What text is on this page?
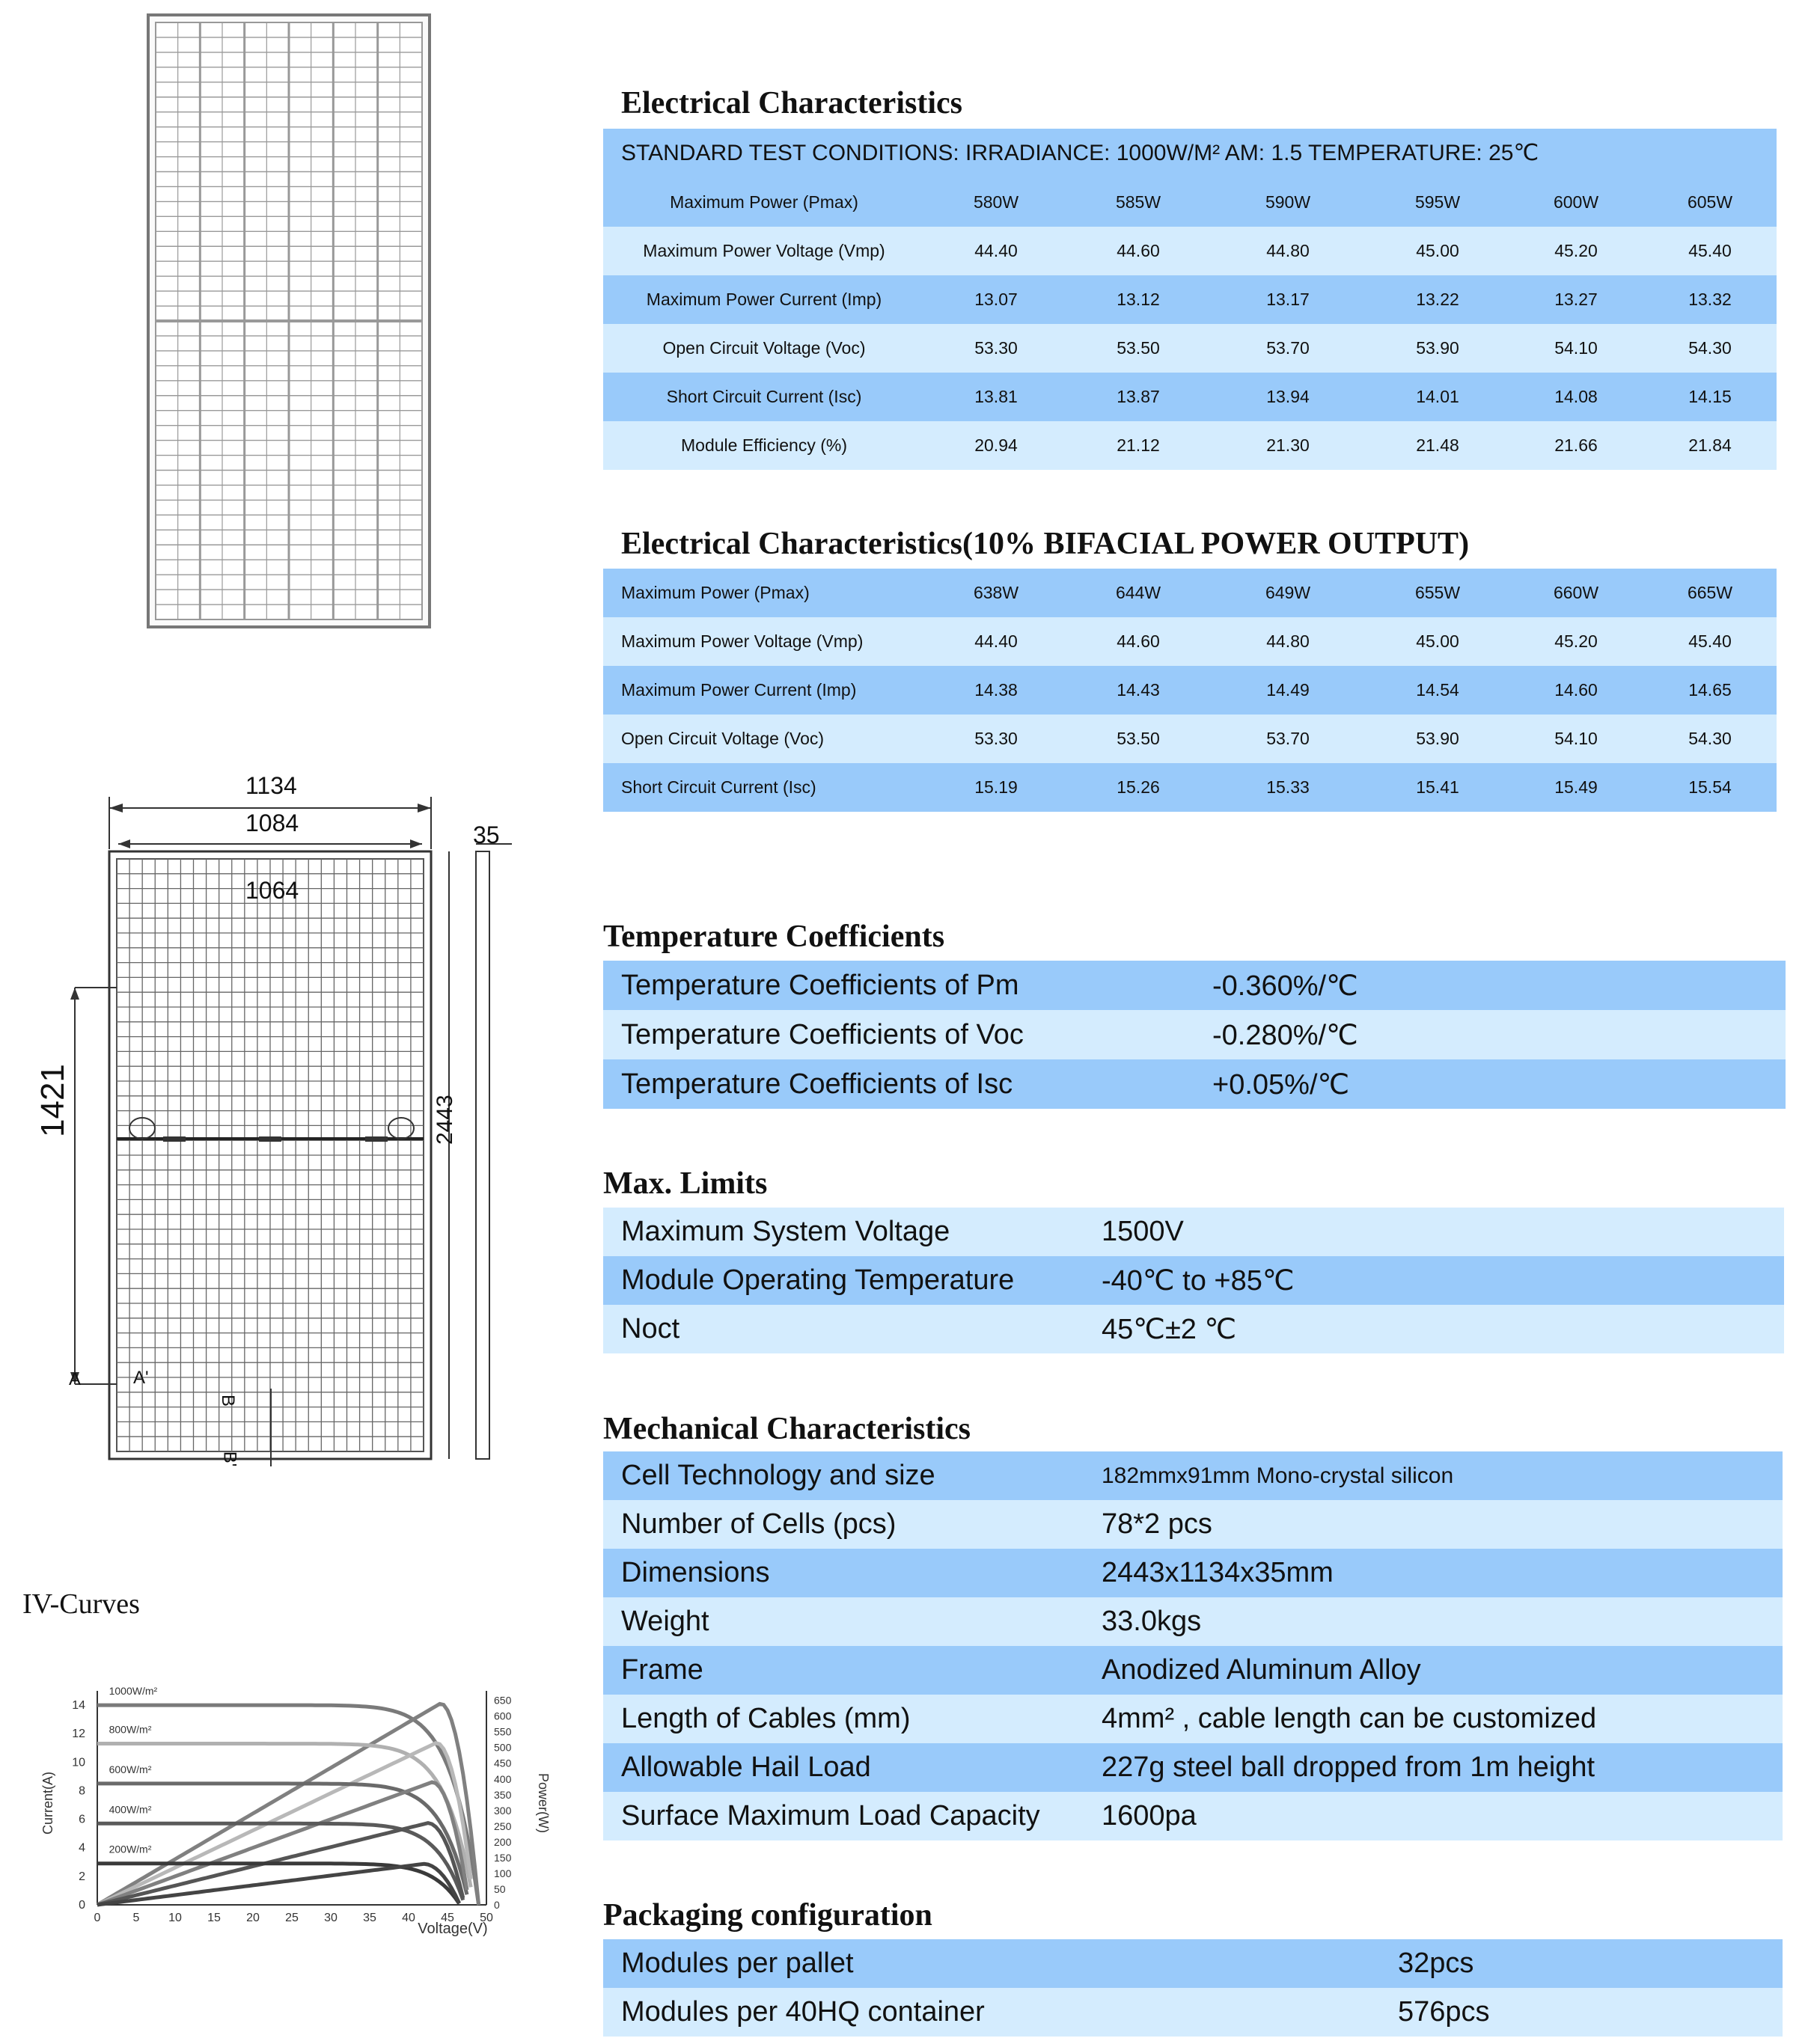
1134
1084
1064
35
1421	2443
A	A'
B
B'
IV-Curves
0	5 10 15 20 25 30 35 40 45 50
0
2
4
6
8
10
12
14
0
50
100
150
200
250
300
350
400
450
500
550
600
650
Voltage(V)
Current(A)	Power(W)
1000W/m²
800W/m²
600W/m²
400W/m²
200W/m²
Electrical Characteristics
STANDARD TEST CONDITIONS: IRRADIANCE: 1000W/M² AM: 1.5 TEMPERATURE: 25℃
Maximum Power (Pmax)	580W	585W	590W	595W	600W	605W
Maximum Power Voltage (Vmp)	44.40	44.60	44.80	45.00	45.20	45.40
Maximum Power Current (Imp)	13.07	13.12	13.17	13.22	13.27	13.32
Open Circuit Voltage (Voc)	53.30	53.50	53.70	53.90	54.10	54.30
Short Circuit Current (Isc)	13.81	13.87	13.94	14.01	14.08	14.15
Module Efficiency (%)	20.94	21.12	21.30	21.48	21.66	21.84
Electrical Characteristics(10% BIFACIAL POWER OUTPUT)
Maximum Power (Pmax)	638W	644W	649W	655W	660W	665W
Maximum Power Voltage (Vmp)	44.40	44.60	44.80	45.00	45.20	45.40
Maximum Power Current (Imp)	14.38	14.43	14.49	14.54	14.60	14.65
Open Circuit Voltage (Voc)	53.30	53.50	53.70	53.90	54.10	54.30
Short Circuit Current (Isc)	15.19	15.26	15.33	15.41	15.49	15.54
Temperature Coefficients
Temperature Coefficients of Pm	-0.360%/℃
Temperature Coefficients of Voc	-0.280%/℃
Temperature Coefficients of Isc	+0.05%/℃
Max. Limits
Maximum System Voltage	1500V
Module Operating Temperature	-40℃ to +85℃
Noct	45℃±2 ℃
Mechanical Characteristics
Cell Technology and size	182mmx91mm Mono-crystal silicon
Number of Cells (pcs)	78*2 pcs
Dimensions	2443x1134x35mm
Weight	33.0kgs
Frame	Anodized Aluminum Alloy
Length of Cables (mm)	4mm² , cable length can be customized
Allowable Hail Load	227g steel ball dropped from 1m height
Surface Maximum Load Capacity	1600pa
Packaging configuration
Modules per pallet	32pcs
Modules per 40HQ container	576pcs
